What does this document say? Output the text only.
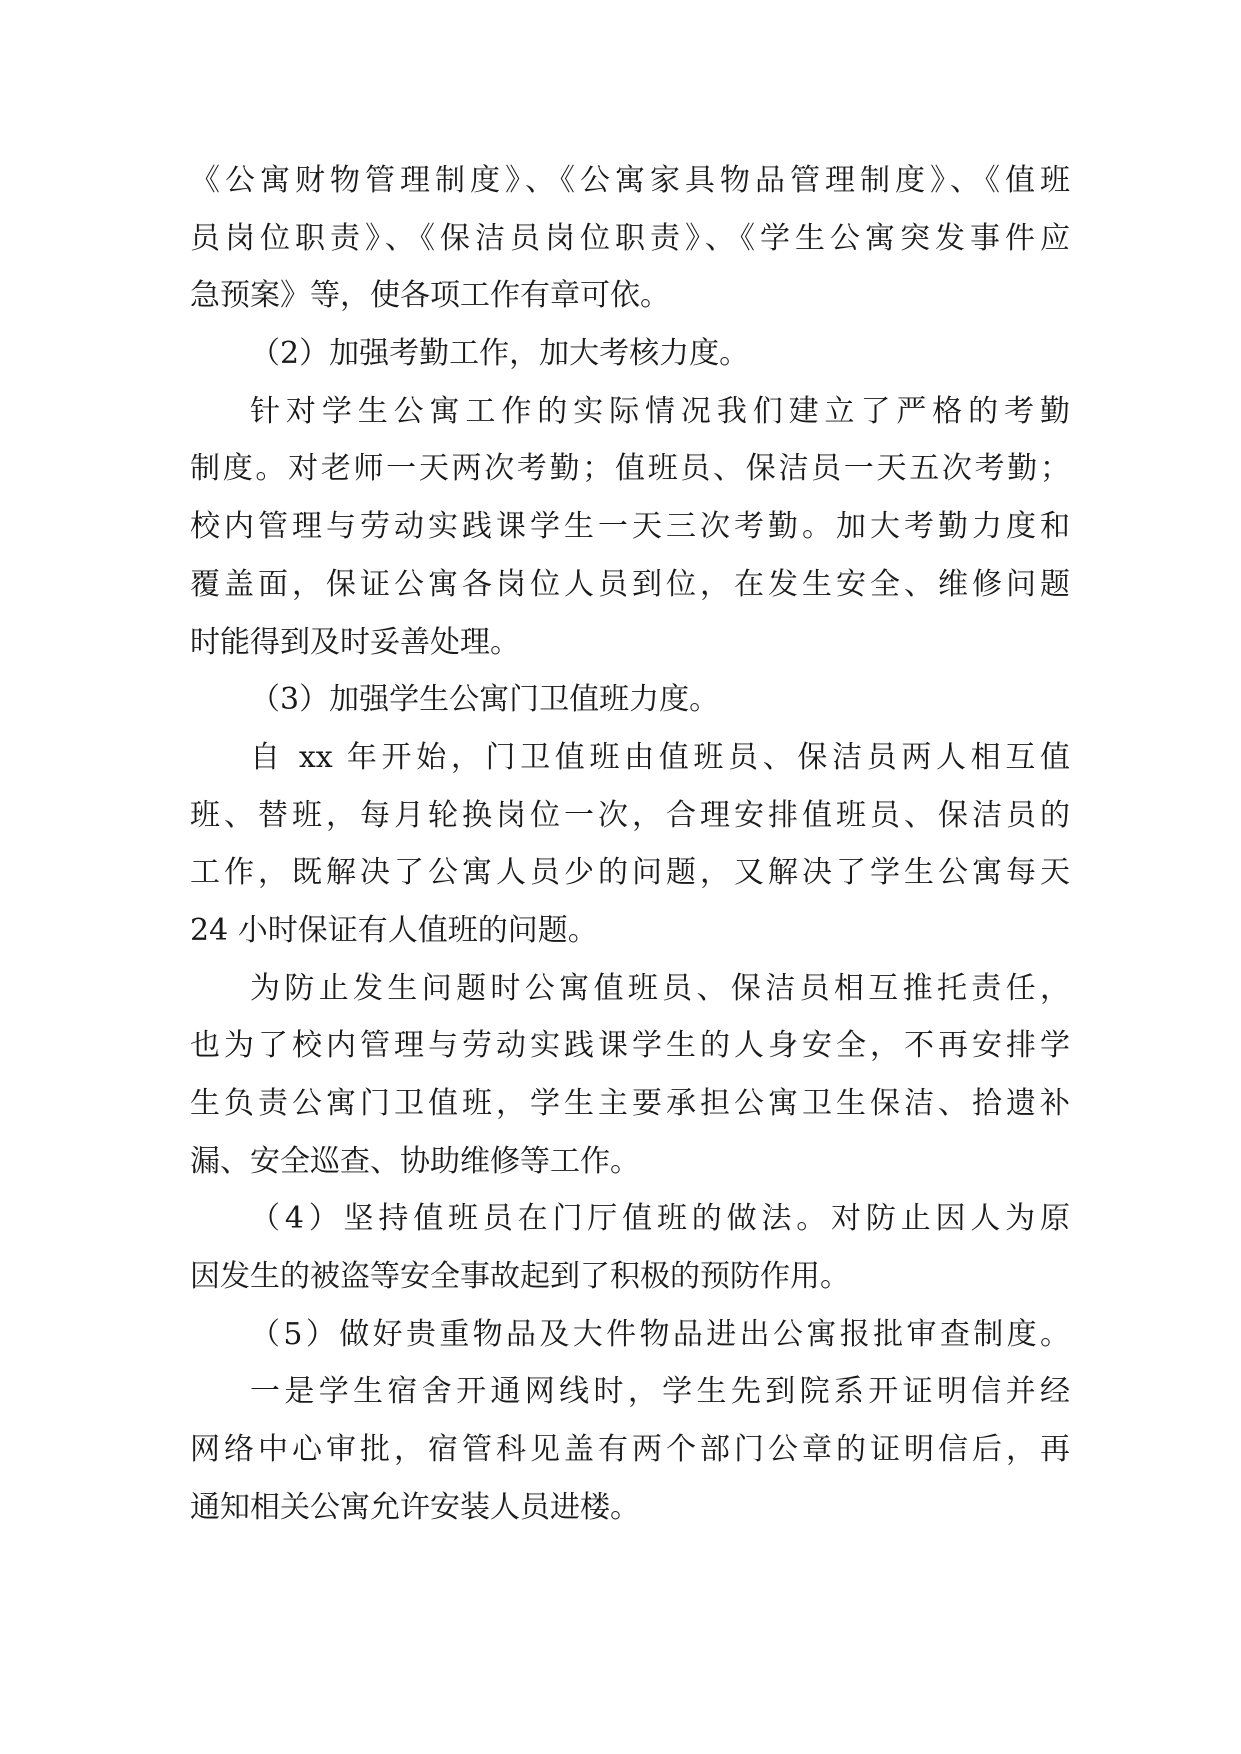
《公寓财物管理制度》、《公寓家具物品管理制度》、《值班
员岗位职责》、《保洁员岗位职责》、《学生公寓突发事件应
急预案》等，使各项工作有章可依。
（2）加强考勤工作，加大考核力度。
针对学生公寓工作的实际情况我们建立了严格的考勤
制度。对老师一天两次考勤；值班员、保洁员一天五次考勤；
校内管理与劳动实践课学生一天三次考勤。加大考勤力度和
覆盖面，保证公寓各岗位人员到位，在发生安全、维修问题
时能得到及时妥善处理。
（3）加强学生公寓门卫值班力度。
自 xx 年开始，门卫值班由值班员、保洁员两人相互值
班、替班，每月轮换岗位一次，合理安排值班员、保洁员的
工作，既解决了公寓人员少的问题，又解决了学生公寓每天
24 小时保证有人值班的问题。
为防止发生问题时公寓值班员、保洁员相互推托责任，
也为了校内管理与劳动实践课学生的人身安全，不再安排学
生负责公寓门卫值班，学生主要承担公寓卫生保洁、拾遗补
漏、安全巡查、协助维修等工作。
（4）坚持值班员在门厅值班的做法。对防止因人为原
因发生的被盗等安全事故起到了积极的预防作用。
（5）做好贵重物品及大件物品进出公寓报批审查制度。
一是学生宿舍开通网线时，学生先到院系开证明信并经
网络中心审批，宿管科见盖有两个部门公章的证明信后，再
通知相关公寓允许安装人员进楼。
